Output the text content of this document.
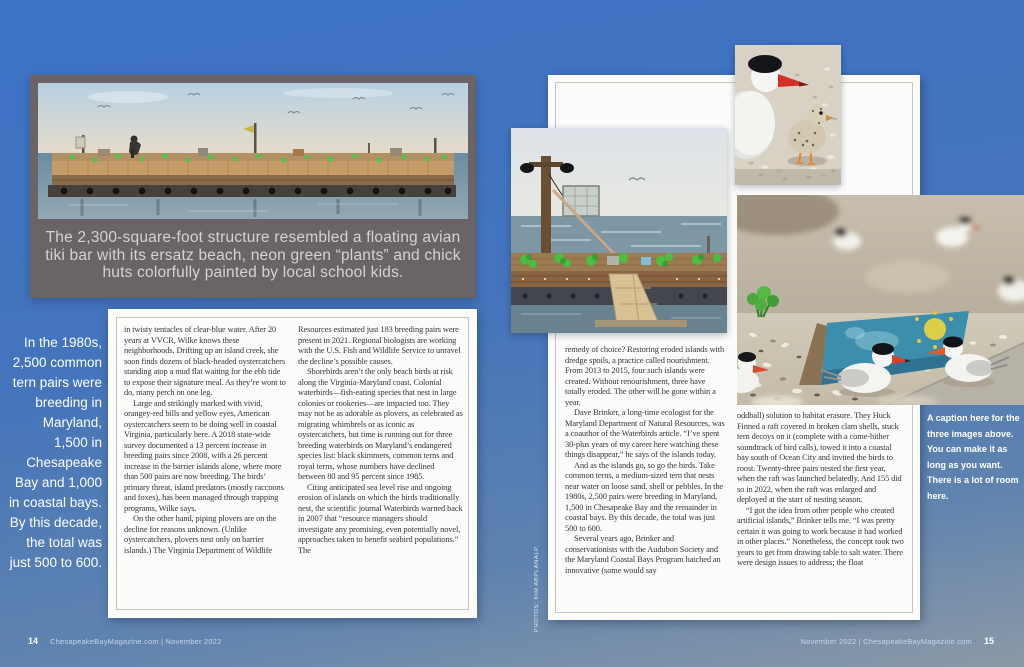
The 2,300-square-foot structure resembled a floating avian tiki bar with its ersatz beach, neon green “plants” and chick huts colorfully painted by local school kids.

In the 1980s, 2,500 common tern pairs were breeding in Maryland, 1,500 in Chesapeake Bay and 1,000 in coastal bays. By this decade, the total was just 500 to 600.

in twisty tentacles of clear-blue water. After 20 years at VVCR, Wilke knows these neighborhoods. Drifting up an island creek, she soon finds dozens of black-headed oystercatchers standing atop a mud flat waiting for the ebb tide to expose their signature meal. As they’re wont to do, many perch on one leg.

Large and strikingly marked with vivid, orangey-red bills and yellow eyes, American oystercatchers seem to be doing well in coastal Virginia, particularly here. A 2018 state-wide survey documented a 13 percent increase in breeding pairs since 2008, with a 26 percent increase in the barrier islands alone, where more than 500 pairs are now breeding. The birds’ primary threat, island predators (mostly raccoons and foxes), has been managed through trapping programs, Wilke says.

On the other hand, piping plovers are on the decline for reasons unknown. (Unlike oystercatchers, plovers nest only on barrier islands.) The Virginia Department of Wildlife

Resources estimated just 183 breeding pairs were present in 2021. Regional biologists are working with the U.S. Fish and Wildlife Service to unravel the decline’s possible causes.

Shorebirds aren’t the only beach birds at risk along the Virginia-Maryland coast. Colonial waterbirds—fish-eating species that nest in large colonies or rookeries—are impacted too. They may not be as adorable as plovers, as celebrated as migrating whimbrels or as iconic as oystercatchers, but time is running out for three breeding waterbirds on Maryland’s endangered species list: black skimmers, common terns and royal terns, whose numbers have declined between 80 and 95 percent since 1985.

Citing anticipated sea level rise and ongoing erosion of islands on which the birds traditionally nest, the scientific journal Waterbirds warned back in 2007 that “resource managers should investigate any promising, even potentially novel, approaches taken to benefit seabird populations.” The

remedy of choice? Restoring eroded islands with dredge spoils, a practice called nourishment. From 2013 to 2015, four such islands were created. Without renourishment, three have totally eroded. The other will be gone within a year.

Dave Brinker, a long-time ecologist for the Maryland Department of Natural Resources, was a coauthor of the Waterbirds article. “I’ve spent 30-plus years of my career here watching these things disappear,” he says of the islands today.

And as the islands go, so go the birds. Take common terns, a medium-sized tern that nests near water on loose sand, shell or pebbles. In the 1980s, 2,500 pairs were breeding in Maryland, 1,500 in Chesapeake Bay and the remainder in coastal bays. By this decade, the total was just 500 to 600.

Several years ago, Brinker and conservationists with the Audubon Society and the Maryland Coastal Bays Program hatched an innovative (some would say

oddball) solution to habitat erasure. They Huck Finned a raft covered in broken clam shells, stuck tern decoys on it (complete with a come-hither soundtrack of bird calls), towed it into a coastal bay south of Ocean City and invited the birds to roost. Twenty-three pairs nested the first year, when the raft was launched belatedly. And 155 did so in 2022, when the raft was enlarged and deployed at the start of nesting season.

“I got the idea from other people who created artificial islands,” Brinker tells me. “I was pretty certain it was going to work because it had worked in other places.” Nonetheless, the concept took two years to get from drawing table to salt water. There were design issues to address; the float

A caption here for the three images above. You can make it as long as you want. There is a lot of room here.
PHOTOS: KIM ABPLANALP
14 ChesapeakeBayMagazine.com | November 2022	November 2022 | ChesapeakeBayMagazine.com 15
